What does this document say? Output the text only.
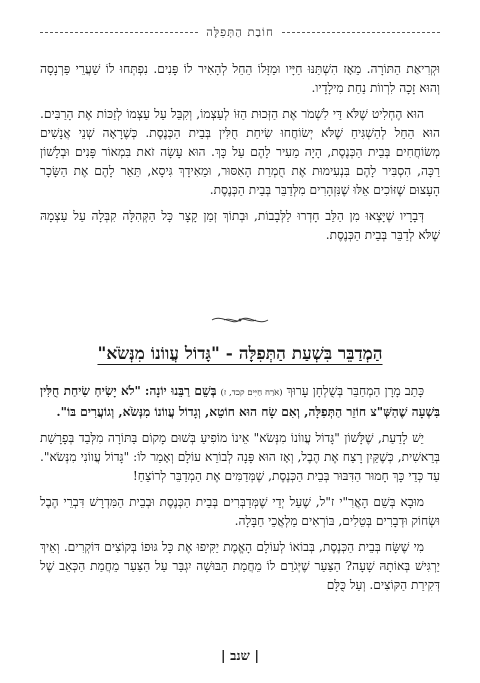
חוֹבַת הַתְּפִלָּה

וּקְרִיאַת הַתּוֹרָה. מֵאָז הִשְׁתַּנּוּ חַיָּיו וּמַזָּלוֹ הֵחֵל לְהָאִיר לוֹ פָּנִים. נִפְתְּחוּ לוֹ שַׁעֲרֵי פַּרְנָסָה וְהוּא זָכָה לִרְווֹת נַחַת מִילָדָיו.

הוּא הֶחְלִיט שֶׁלֹּא דַּי לִשְׁמֹר אֶת הַזְּכוּת הַזּוֹ לְעַצְמוֹ, וְקִבֵּל עַל עַצְמוֹ לְזַכּוֹת אֶת הָרַבִּים. הוּא הֵחֵל לְהַשְׁגִּיחַ שֶׁלֹּא יְשׂוֹחֲחוּ שִׂיחַת חֻלִּין בְּבֵית הַכְּנֶסֶת. כְּשֶׁרָאָה שְׁנֵי אֲנָשִׁים מְשׂוֹחֲחִים בְּבֵית הַכְּנֶסֶת, הָיָה מֵעִיר לָהֶם עַל כָּךְ. הוּא עָשָׂה זֹאת בִּמְאוֹר פָּנִים וּבְלָשׁוֹן רַכָּה, הִסְבִּיר לָהֶם בִּנְעִימוּת אֶת חֻמְרַת הָאִסּוּר, וּמֵאִידָךְ גִּיסָא, תֵּאֵר לָהֶם אֶת הַשָּׂכָר הָעָצוּם שֶׁזּוֹכִים אֵלּוּ שֶׁנִּזְהָרִים מִלְּדַבֵּר בְּבֵית הַכְּנֶסֶת.

דְּבָרָיו שֶׁיָּצְאוּ מִן הַלֵּב חָדְרוּ לַלְּבָבוֹת, וּבְתוֹךְ זְמַן קָצָר כָּל הַקְּהִלָּה קִבְּלָה עַל עַצְמָהּ שֶׁלֹּא לְדַבֵּר בְּבֵית הַכְּנֶסֶת.

הַמְדַבֵּר בִּשְׁעַת הַתְּפִלָּה - "גָּדוֹל עֲווֹנוֹ מִנְּשֹׂא"

כָּתַב מָרָן הַמְחַבֵּר בְּשֻׁלְחָן עָרוּךְ (אֹרַח חַיִּים קכד, ז) בְּשֵׁם רַבֵּנוּ יוֹנָה: "לֹא יָשִׂיחַ שִׂיחַת חֻלִּין בִּשְׁעָה שֶׁהַשְּׁ"צ חוֹזֵר הַתְּפִלָּה, וְאִם שָׂח הוּא חוֹטֵא, וְגָדוֹל עֲווֹנוֹ מִנְּשֹׂא, וְגוֹעֲרִים בּוֹ".

יֵשׁ לָדַעַת, שֶׁלָּשׁוֹן "גָּדוֹל עֲווֹנוֹ מִנְּשֹׂא" אֵינוֹ מוֹפִיעַ בְּשׁוּם מָקוֹם בַּתּוֹרָה מִלְּבַד בְּפָרָשַׁת בְּרֵאשִׁית, כְּשֶׁקַּיִן רָצַח אֶת הֶבֶל, וְאָז הוּא פָּנָה לְבוֹרֵא עוֹלָם וְאָמַר לוֹ: "גָּדוֹל עֲווֹנִי מִנְּשֹׂא". עַד כְּדֵי כָּךְ חָמוּר הַדִּבּוּר בְּבֵית הַכְּנֶסֶת, שֶׁמְּדַמִּים אֶת הַמְדַבֵּר לְרוֹצֵחַ!

מוּבָא בְּשֵׁם הָאֲרִ"י ז"ל, שֶׁעַל יְדֵי שֶׁמְּדַבְּרִים בְּבֵית הַכְּנֶסֶת וּבְבֵית הַמִּדְרָשׁ דִּבְרֵי הֶבֶל וּשְׂחוֹק וּדְבָרִים בְּטֵלִים, בּוֹרְאִים מַלְאֲכֵי חַבָּלָה.

מִי שֶׁשָּׂח בְּבֵית הַכְּנֶסֶת, בְּבוֹאוֹ לְעוֹלָם הָאֱמֶת יַקִּיפוּ אֶת כָּל גּוּפוֹ בְּקוֹצִים דּוֹקְרִים. וְאֵיךְ יַרְגִּישׁ בְּאוֹתָהּ שָׁעָה? הַצַּעַר שֶׁיְּגֹרַם לוֹ מֵחֲמַת הַבּוּשָׁה יִגְבַּר עַל הַצַּעַר מֵחֲמַת הַכְּאֵב שֶׁל דְּקִירַת הַקּוֹצִים. וְעַל כֻּלָּם

| שנב |
